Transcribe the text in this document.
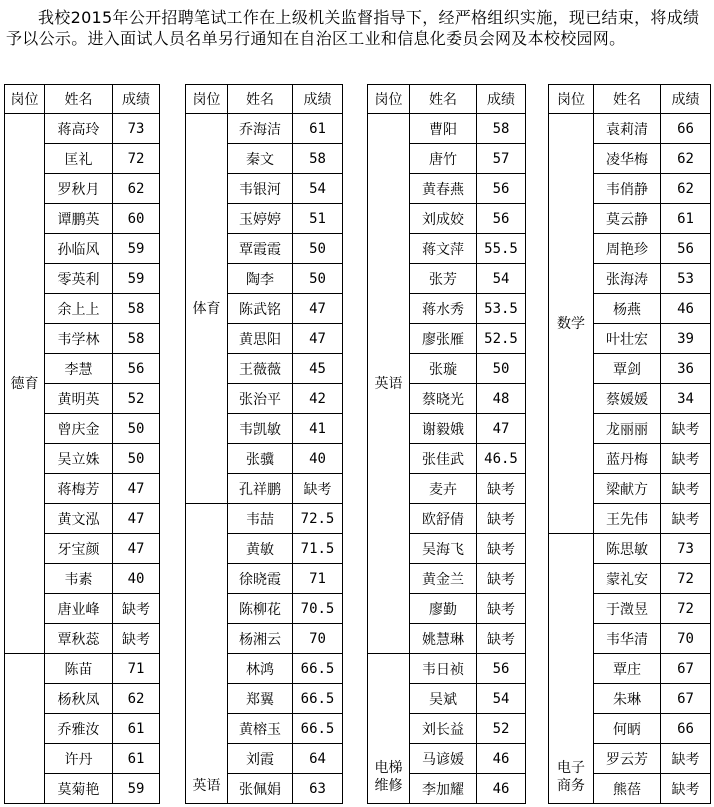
我校2015年公开招聘笔试工作在上级机关监督指导下，经严格组织实施，现已结束，将成绩予以公示。进入面试人员名单另行通知在自治区工业和信息化委员会网及本校校园网。
岗位	姓名	成绩
德育	蒋高玲	73
	匡礼	72
	罗秋月	62
	谭鹏英	60
	孙临风	59
	零英利	59
	余上上	58
	韦学林	58
	李慧	56
	黄明英	52
	曾庆金	50
	吴立姝	50
	蒋梅芳	47
	黄文泓	47
	牙宝颜	47
	韦素	40
	唐业峰	缺考
	覃秋蕊	缺考
	陈苗	71
	杨秋凤	62
	乔雅汝	61
	许丹	61
	莫菊艳	59
岗位	姓名	成绩
体育	乔海洁	61
	秦文	58
	韦银河	54
	玉婷婷	51
	覃霞霞	50
	陶李	50
	陈武铭	47
	黄思阳	47
	王薇薇	45
	张治平	42
	韦凯敏	41
	张骥	40
	孔祥鹏	缺考
英语	韦喆	72.5
	黄敏	71.5
	徐晓霞	71
	陈柳花	70.5
	杨湘云	70
	林鸿	66.5
	郑翼	66.5
	黄榕玉	66.5
	刘霞	64
	张佩娟	63
岗位	姓名	成绩
英语	曹阳	58
	唐竹	57
	黄春燕	56
	刘成姣	56
	蒋文萍	55.5
	张芳	54
	蒋水秀	53.5
	廖张雁	52.5
	张璇	50
	蔡晓光	48
	谢毅娥	47
	张佳武	46.5
	麦卉	缺考
	欧舒倩	缺考
	吴海飞	缺考
	黄金兰	缺考
	廖勤	缺考
	姚慧琳	缺考
电梯维修	韦日祯	56
	吴斌	54
	刘长益	52
	马谚媛	46
	李加耀	46
岗位	姓名	成绩
数学	袁莉清	66
	凌华梅	62
	韦俏静	62
	莫云静	61
	周艳珍	56
	张海涛	53
	杨燕	46
	叶壮宏	39
	覃剑	36
	蔡媛媛	34
	龙丽丽	缺考
	蓝丹梅	缺考
	梁献方	缺考
	王先伟	缺考
电子商务	陈思敏	73
	蒙礼安	72
	于澂昱	72
	韦华清	70
	覃庄	67
	朱琳	67
	何昞	66
	罗云芳	缺考
	熊蓓	缺考
